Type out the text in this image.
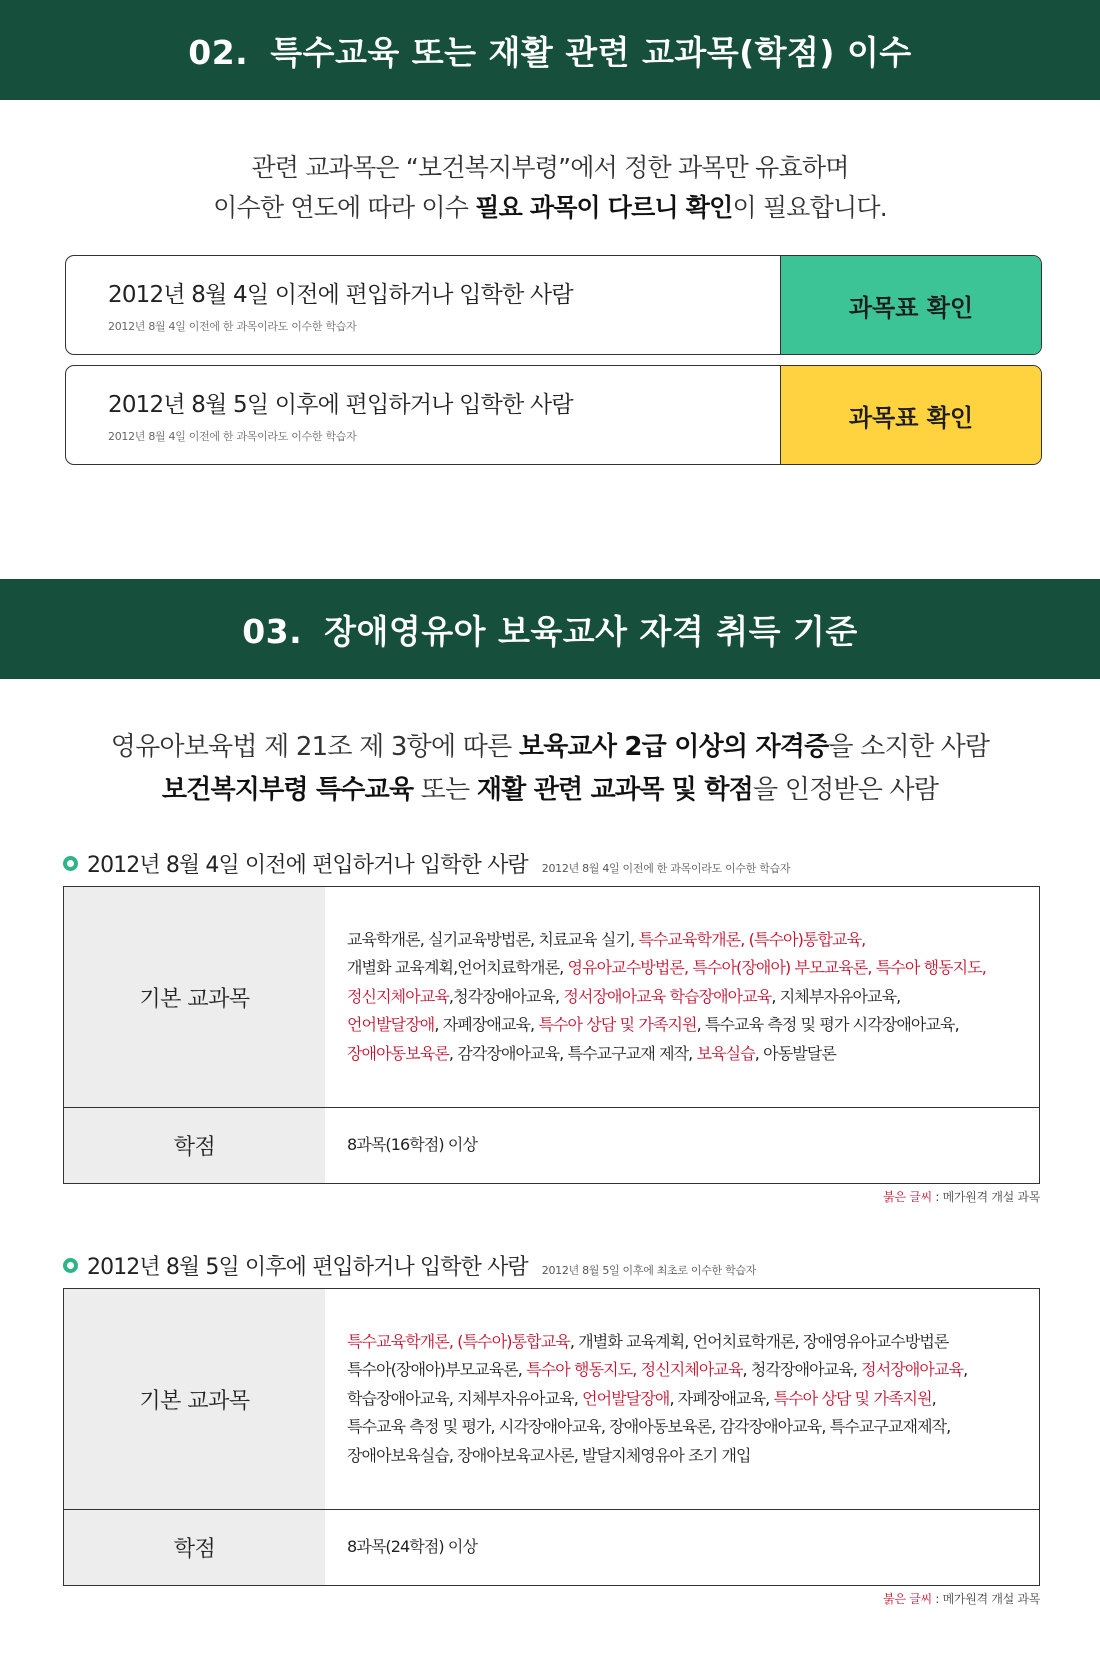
02. 특수교육 또는 재활 관련 교과목(학점) 이수
관련 교과목은 “보건복지부령”에서 정한 과목만 유효하며
이수한 연도에 따라 이수 필요 과목이 다르니 확인이 필요합니다.
2012년 8월 4일 이전에 편입하거나 입학한 사람
2012년 8월 4일 이전에 한 과목이라도 이수한 학습자
과목표 확인
2012년 8월 5일 이후에 편입하거나 입학한 사람
2012년 8월 4일 이전에 한 과목이라도 이수한 학습자
과목표 확인
03. 장애영유아 보육교사 자격 취득 기준
영유아보육법 제 21조 제 3항에 따른 보육교사 2급 이상의 자격증을 소지한 사람
보건복지부령 특수교육 또는 재활 관련 교과목 및 학점을 인정받은 사람
2012년 8월 4일 이전에 편입하거나 입학한 사람 2012년 8월 4일 이전에 한 과목이라도 이수한 학습자
기본 교과목
교육학개론, 실기교육방법론, 치료교육 실기, 특수교육학개론, (특수아)통합교육,
개별화 교육계획,언어치료학개론, 영유아교수방법론, 특수아(장애아) 부모교육론, 특수아 행동지도,
정신지체아교육,청각장애아교육, 정서장애아교육 학습장애아교육, 지체부자유아교육,
언어발달장애, 자폐장애교육, 특수아 상담 및 가족지원, 특수교육 측정 및 평가 시각장애아교육,
장애아동보육론, 감각장애아교육, 특수교구교재 제작, 보육실습, 아동발달론
학점	8과목(16학점) 이상
붉은 글씨 : 메가원격 개설 과목
2012년 8월 5일 이후에 편입하거나 입학한 사람 2012년 8월 5일 이후에 최초로 이수한 학습자
기본 교과목
특수교육학개론, (특수아)통합교육, 개별화 교육계획, 언어치료학개론, 장애영유아교수방법론
특수아(장애아)부모교육론, 특수아 행동지도, 정신지체아교육, 청각장애아교육, 정서장애아교육,
학습장애아교육, 지체부자유아교육, 언어발달장애, 자폐장애교육, 특수아 상담 및 가족지원,
특수교육 측정 및 평가, 시각장애아교육, 장애아동보육론, 감각장애아교육, 특수교구교재제작,
장애아보육실습, 장애아보육교사론, 발달지체영유아 조기 개입
학점	8과목(24학점) 이상
붉은 글씨 : 메가원격 개설 과목
